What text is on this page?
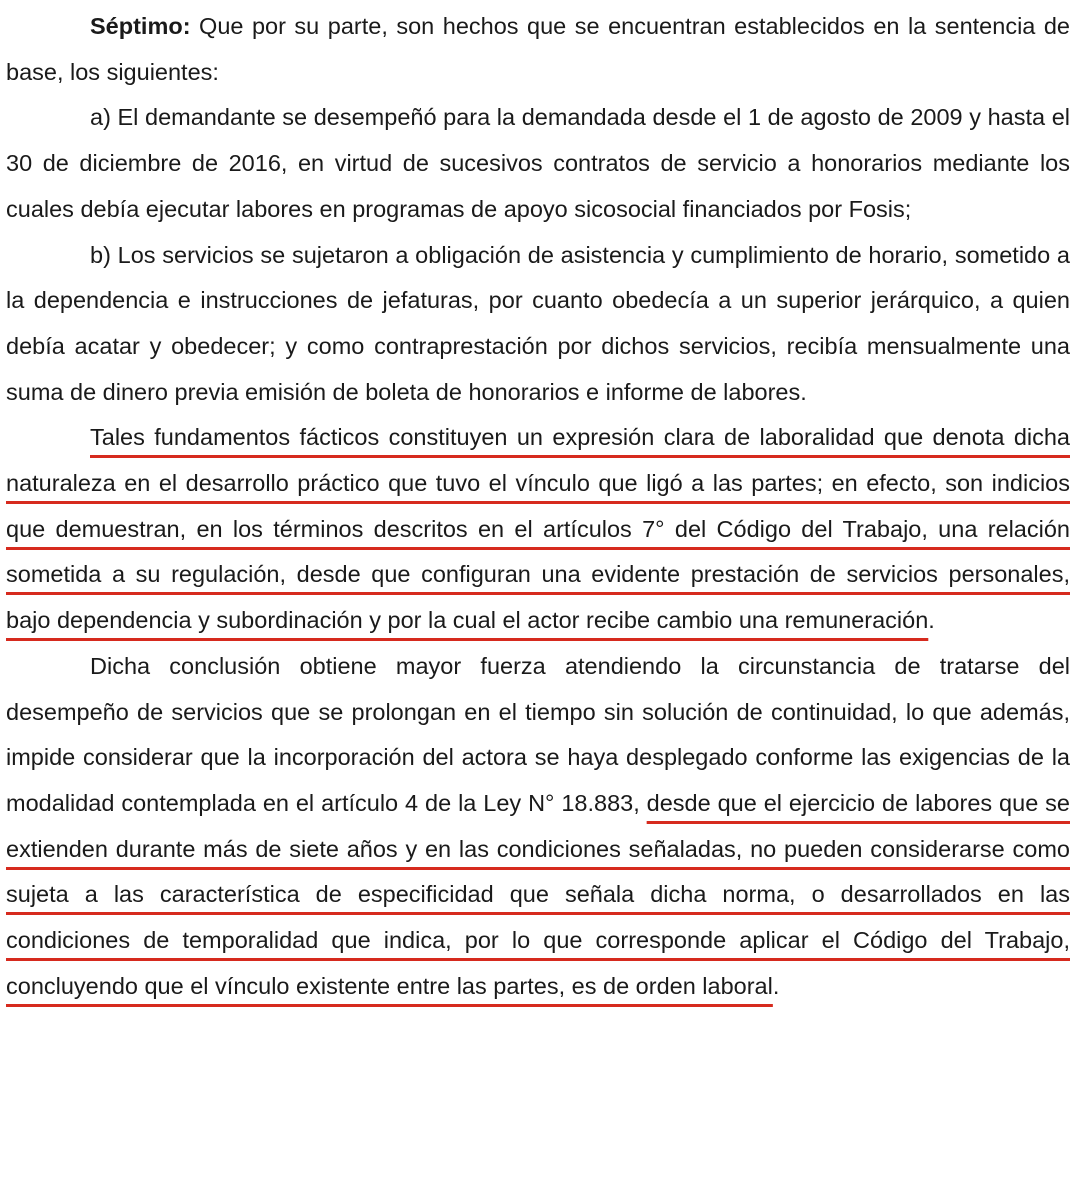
Séptimo: Que por su parte, son hechos que se encuentran establecidos en la sentencia de base, los siguientes:

a) El demandante se desempeñó para la demandada desde el 1 de agosto de 2009 y hasta el 30 de diciembre de 2016, en virtud de sucesivos contratos de servicio a honorarios mediante los cuales debía ejecutar labores en programas de apoyo sicosocial financiados por Fosis;

b) Los servicios se sujetaron a obligación de asistencia y cumplimiento de horario, sometido a la dependencia e instrucciones de jefaturas, por cuanto obedecía a un superior jerárquico, a quien debía acatar y obedecer; y como contraprestación por dichos servicios, recibía mensualmente una suma de dinero previa emisión de boleta de honorarios e informe de labores.

Tales fundamentos fácticos constituyen un expresión clara de laboralidad que denota dicha naturaleza en el desarrollo práctico que tuvo el vínculo que ligó a las partes; en efecto, son indicios que demuestran, en los términos descritos en el artículos 7° del Código del Trabajo, una relación sometida a su regulación, desde que configuran una evidente prestación de servicios personales, bajo dependencia y subordinación y por la cual el actor recibe cambio una remuneración.

Dicha conclusión obtiene mayor fuerza atendiendo la circunstancia de tratarse del desempeño de servicios que se prolongan en el tiempo sin solución de continuidad, lo que además, impide considerar que la incorporación del actora se haya desplegado conforme las exigencias de la modalidad contemplada en el artículo 4 de la Ley N° 18.883, desde que el ejercicio de labores que se extienden durante más de siete años y en las condiciones señaladas, no pueden considerarse como sujeta a las característica de especificidad que señala dicha norma, o desarrollados en las condiciones de temporalidad que indica, por lo que corresponde aplicar el Código del Trabajo, concluyendo que el vínculo existente entre las partes, es de orden laboral.
